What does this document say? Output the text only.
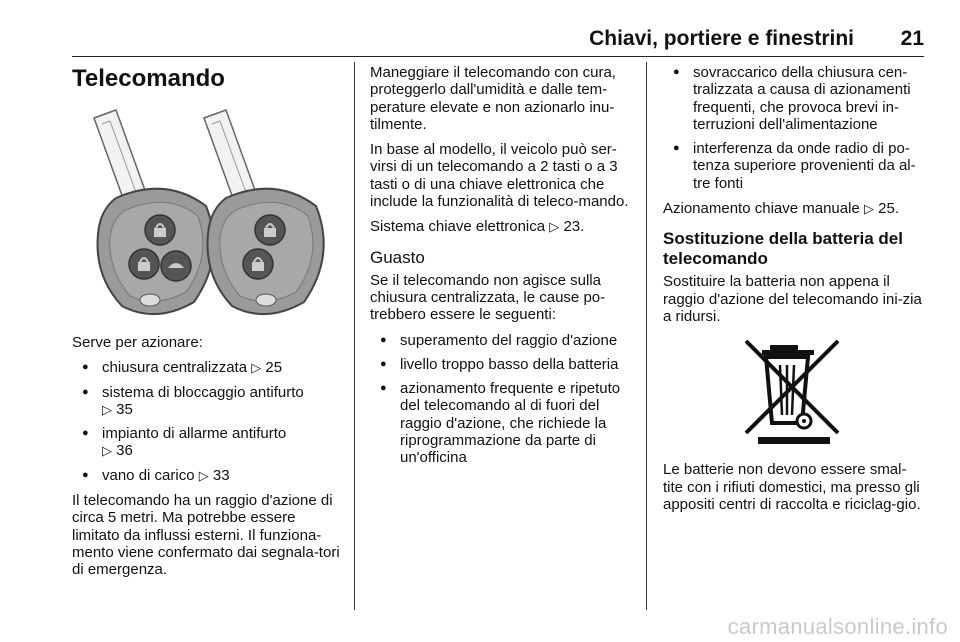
Chiavi, portiere e finestrini 21
Telecomando

Serve per azionare:

● chiusura centralizzata ▷ 25
● sistema di bloccaggio antifurto
▷ 35
● impianto di allarme antifurto
▷ 36
● vano di carico ▷ 33

Il telecomando ha un raggio d'azione di circa 5 metri. Ma potrebbe essere limitato da influssi esterni. Il funziona-mento viene confermato dai segnala-tori di emergenza.

Maneggiare il telecomando con cura, proteggerlo dall'umidità e dalle tem-perature elevate e non azionarlo inu-tilmente.

In base al modello, il veicolo può ser-virsi di un telecomando a 2 tasti o a 3 tasti o di una chiave elettronica che include la funzionalità di teleco-mando.

Sistema chiave elettronica ▷ 23.

Guasto

Se il telecomando non agisce sulla chiusura centralizzata, le cause po-trebbero essere le seguenti:

● superamento del raggio d'azione
● livello troppo basso della batteria
● azionamento frequente e ripetuto del telecomando al di fuori del raggio d'azione, che richiede la riprogrammazione da parte di un'officina
● sovraccarico della chiusura cen-tralizzata a causa di azionamenti frequenti, che provoca brevi in-terruzioni dell'alimentazione
● interferenza da onde radio di po-tenza superiore provenienti da al-tre fonti

Azionamento chiave manuale ▷ 25.

Sostituzione della batteria del telecomando

Sostituire la batteria non appena il raggio d'azione del telecomando ini-zia a ridursi.

Le batterie non devono essere smal-tite con i rifiuti domestici, ma presso gli appositi centri di raccolta e riciclag-gio.

carmanualsonline.info
